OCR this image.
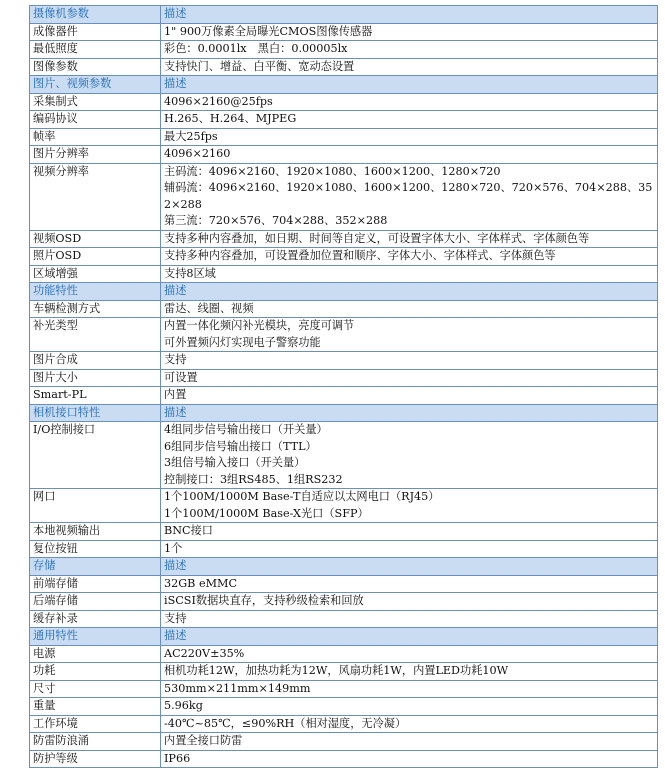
摄像机参数	描述
成像器件	1" 900万像素全局曝光CMOS图像传感器

最低照度	彩色：0.0001lx　黑白：0.00005lx

图像参数	支持快门、增益、白平衡、宽动态设置

图片、视频参数	描述
采集制式	4096×2160@25fps

编码协议	H.265、H.264、MJPEG

帧率	最大25fps

图片分辨率	4096×2160

视频分辨率	主码流：4096×2160、1920×1080、1600×1200、1280×720
辅码流：4096×2160、1920×1080、1600×1200、1280×720、720×576、704×288、352×288
第三流：720×576、704×288、352×288

视频OSD	支持多种内容叠加，如日期、时间等自定义，可设置字体大小、字体样式、字体颜色等

照片OSD	支持多种内容叠加，可设置叠加位置和顺序、字体大小、字体样式、字体颜色等

区域增强	支持8区域

功能特性	描述
车辆检测方式	雷达、线圈、视频

补光类型	内置一体化频闪补光模块，亮度可调节
可外置频闪灯实现电子警察功能

图片合成	支持

图片大小	可设置

Smart-PL	内置

相机接口特性	描述
I/O控制接口	4组同步信号输出接口（开关量）
6组同步信号输出接口（TTL）
3组信号输入接口（开关量）
控制接口：3组RS485、1组RS232

网口	1个100M/1000M Base-T自适应以太网电口（RJ45）
1个100M/1000M Base-X光口（SFP）

本地视频输出	BNC接口

复位按钮	1个

存储	描述
前端存储	32GB eMMC

后端存储	iSCSI数据块直存，支持秒级检索和回放

缓存补录	支持

通用特性	描述
电源	AC220V±35%

功耗	相机功耗12W，加热功耗为12W，风扇功耗1W，内置LED功耗10W

尺寸	530mm×211mm×149mm

重量	5.96kg

工作环境	-40℃~85℃，≤90%RH（相对湿度，无冷凝）

防雷防浪涌	内置全接口防雷

防护等级	IP66
